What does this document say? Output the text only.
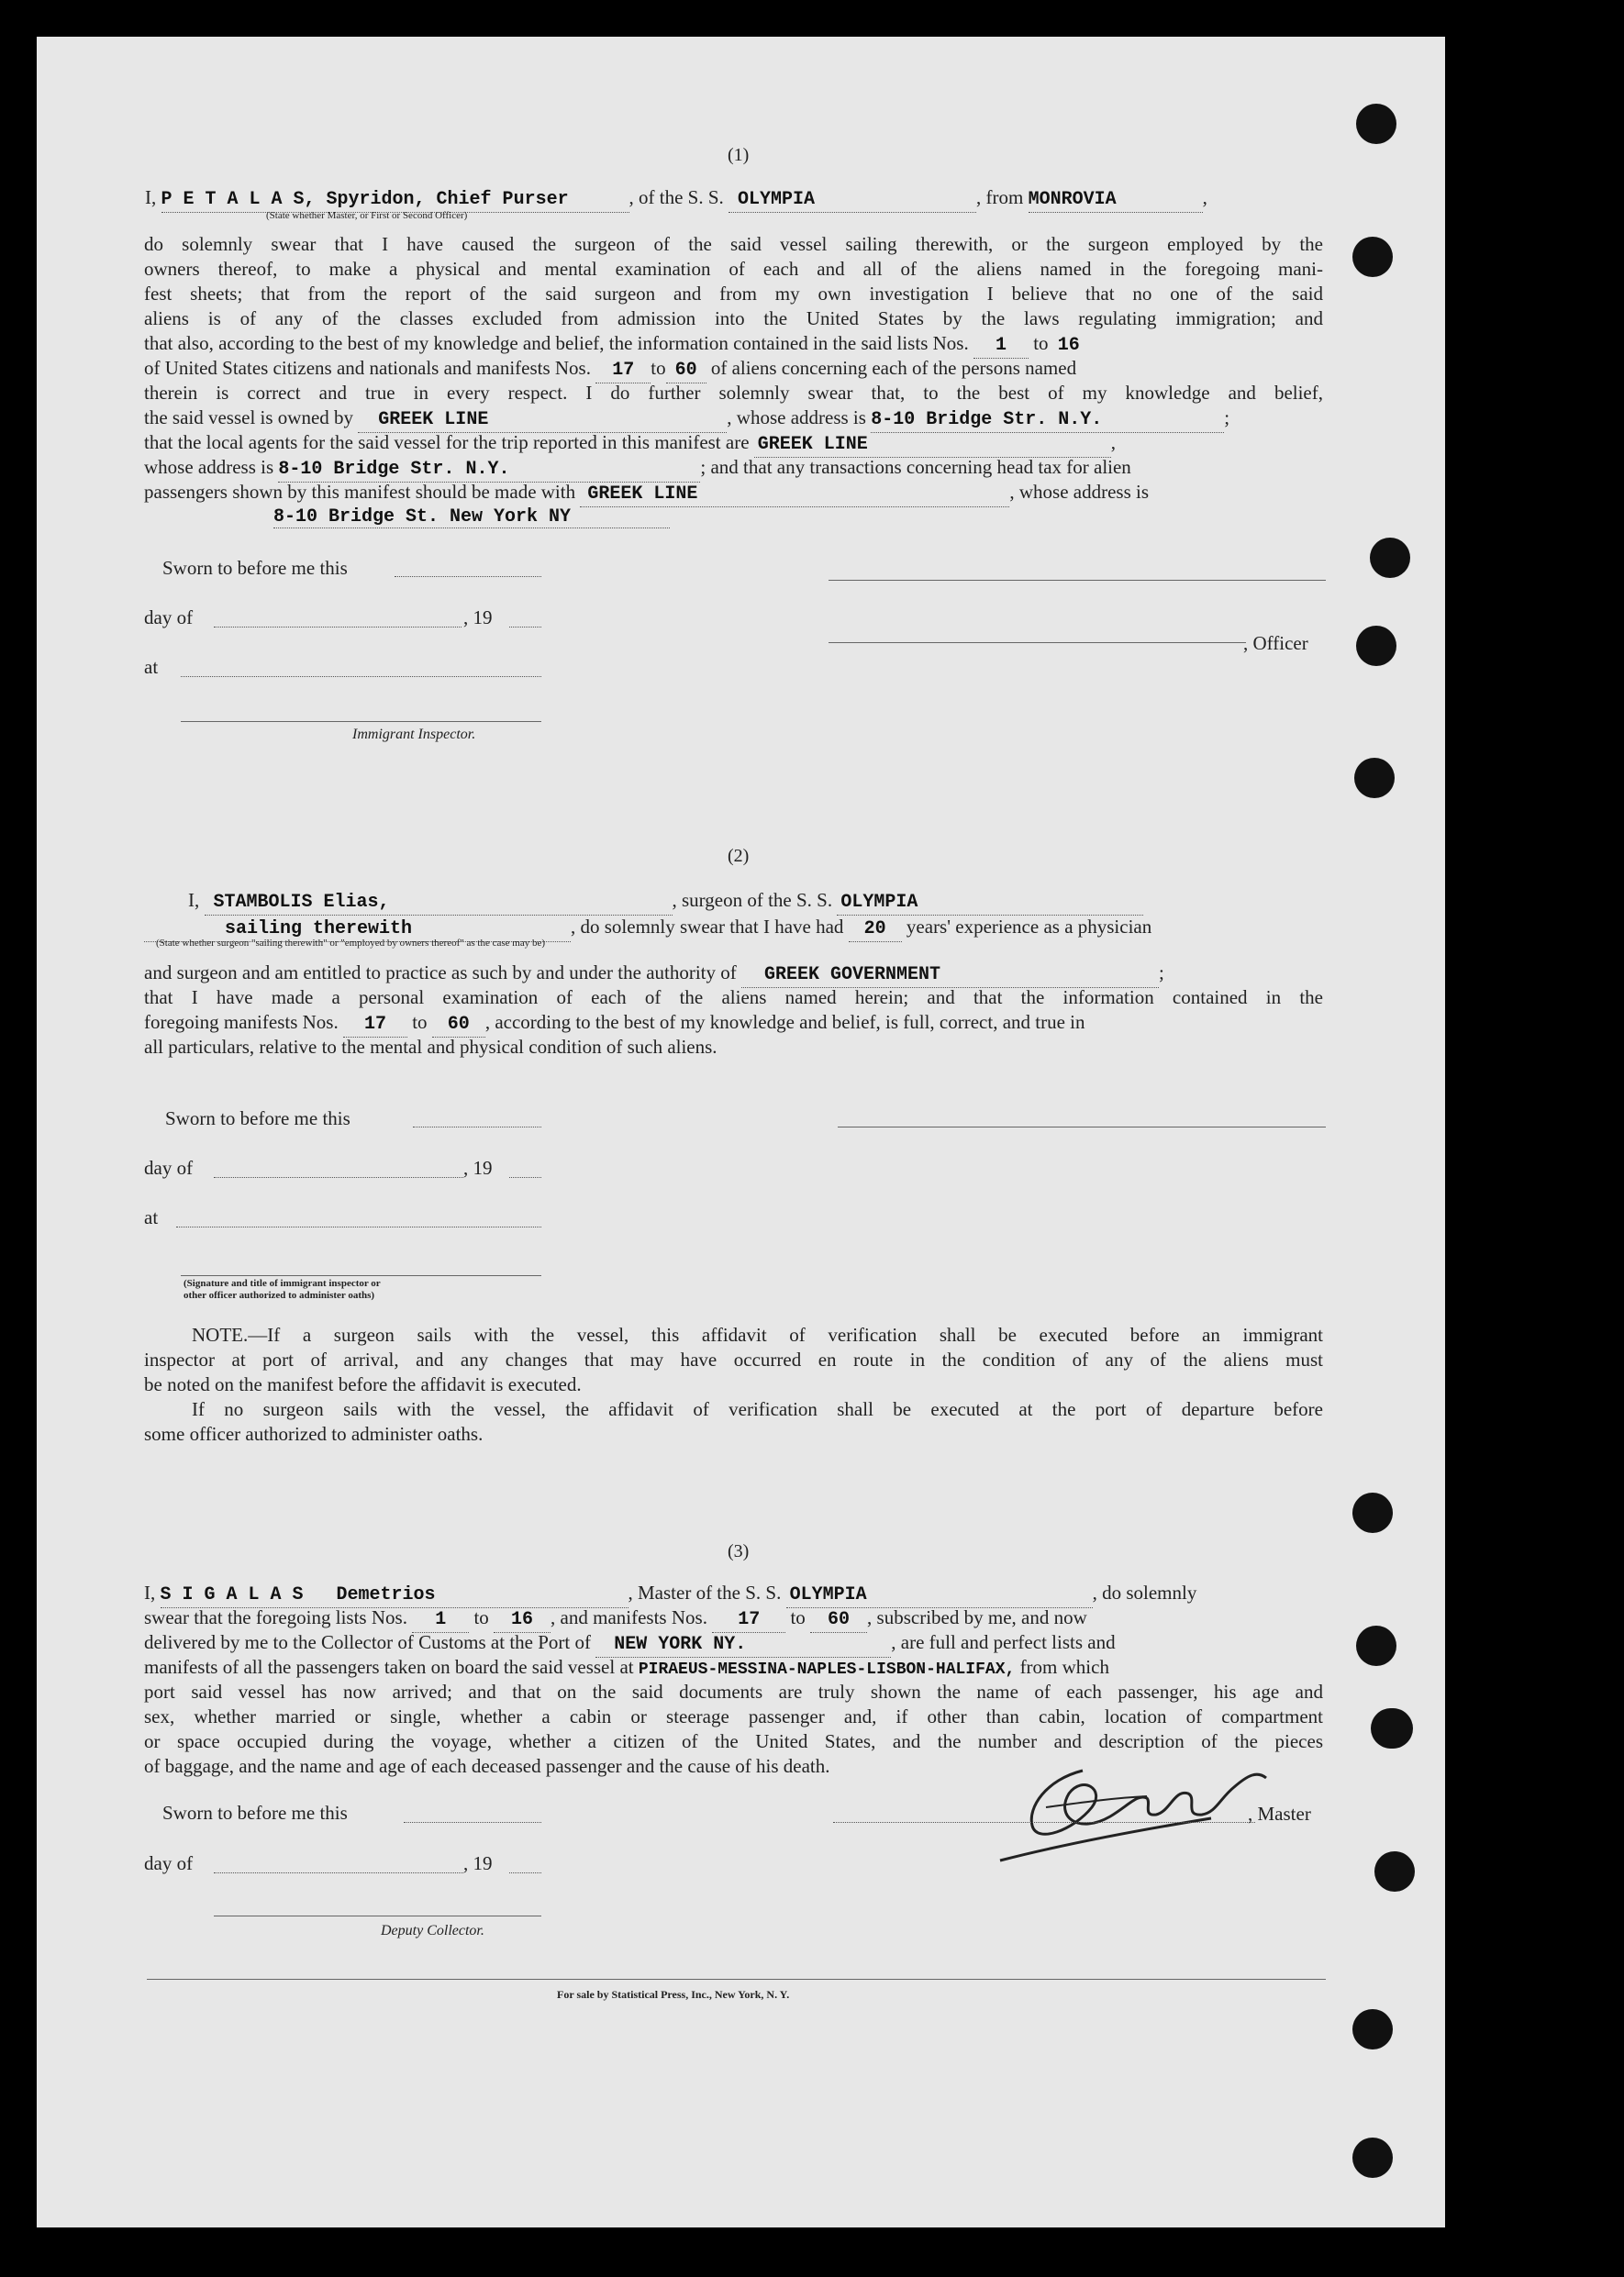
(1)
I, P E T A L A S, Spyridon, Chief Purser	, of the S. S. OLYMPIA	, from MONROVIA	,
(State whether Master, or First or Second Officer)
do solemnly swear that I have caused the surgeon of the said vessel sailing therewith, or the surgeon employed by the
owners thereof, to make a physical and mental examination of each and all of the aliens named in the foregoing mani-
fest sheets; that from the report of the said surgeon and from my own investigation I believe that no one of the said
aliens is of any of the classes excluded from admission into the United States by the laws regulating immigration; and
that also, according to the best of my knowledge and belief, the information contained in the said lists Nos. 1 to 16
of United States citizens and nationals and manifests Nos. 17 to 60 of aliens concerning each of the persons named
therein is correct and true in every respect. I do further solemnly swear that, to the best of my knowledge and belief,
the said vessel is owned by GREEK LINE	, whose address is 8-10 Bridge Str. N.Y.	;
that the local agents for the said vessel for the trip reported in this manifest are GREEK LINE	,
whose address is 8-10 Bridge Str. N.Y.	; and that any transactions concerning head tax for alien
passengers shown by this manifest should be made with GREEK LINE	, whose address is
8-10 Bridge St. New York NY
Sworn to before me this
day of	, 19
, Officer
at
Immigrant Inspector.
(2)
I, STAMBOLIS Elias,	, surgeon of the S. S. OLYMPIA
sailing therewith	, do solemnly swear that I have had 20 years' experience as a physician
(State whether surgeon "sailing therewith" or "employed by owners thereof" as the case may be)
and surgeon and am entitled to practice as such by and under the authority of GREEK GOVERNMENT	;
that I have made a personal examination of each of the aliens named herein; and that the information contained in the
foregoing manifests Nos. 17 to 60 , according to the best of my knowledge and belief, is full, correct, and true in
all particulars, relative to the mental and physical condition of such aliens.
Sworn to before me this
day of	, 19
at
(Signature and title of immigrant inspector or
other officer authorized to administer oaths)
NOTE.—If a surgeon sails with the vessel, this affidavit of verification shall be executed before an immigrant
inspector at port of arrival, and any changes that may have occurred en route in the condition of any of the aliens must
be noted on the manifest before the affidavit is executed.
If no surgeon sails with the vessel, the affidavit of verification shall be executed at the port of departure before
some officer authorized to administer oaths.
(3)
I, S I G A L A S   Demetrios	, Master of the S. S. OLYMPIA	, do solemnly
swear that the foregoing lists Nos. 1 to 16 , and manifests Nos. 17 to 60 , subscribed by me, and now
delivered by me to the Collector of Customs at the Port of NEW YORK NY.	, are full and perfect lists and
manifests of all the passengers taken on board the said vessel at PIRAEUS-MESSINA-NAPLES-LISBON-HALIFAX, from which
port said vessel has now arrived; and that on the said documents are truly shown the name of each passenger, his age and
sex, whether married or single, whether a cabin or steerage passenger and, if other than cabin, location of compartment
or space occupied during the voyage, whether a citizen of the United States, and the number and description of the pieces
of baggage, and the name and age of each deceased passenger and the cause of his death.
Sworn to before me this	, Master
day of	, 19
Deputy Collector.
For sale by Statistical Press, Inc., New York, N. Y.
